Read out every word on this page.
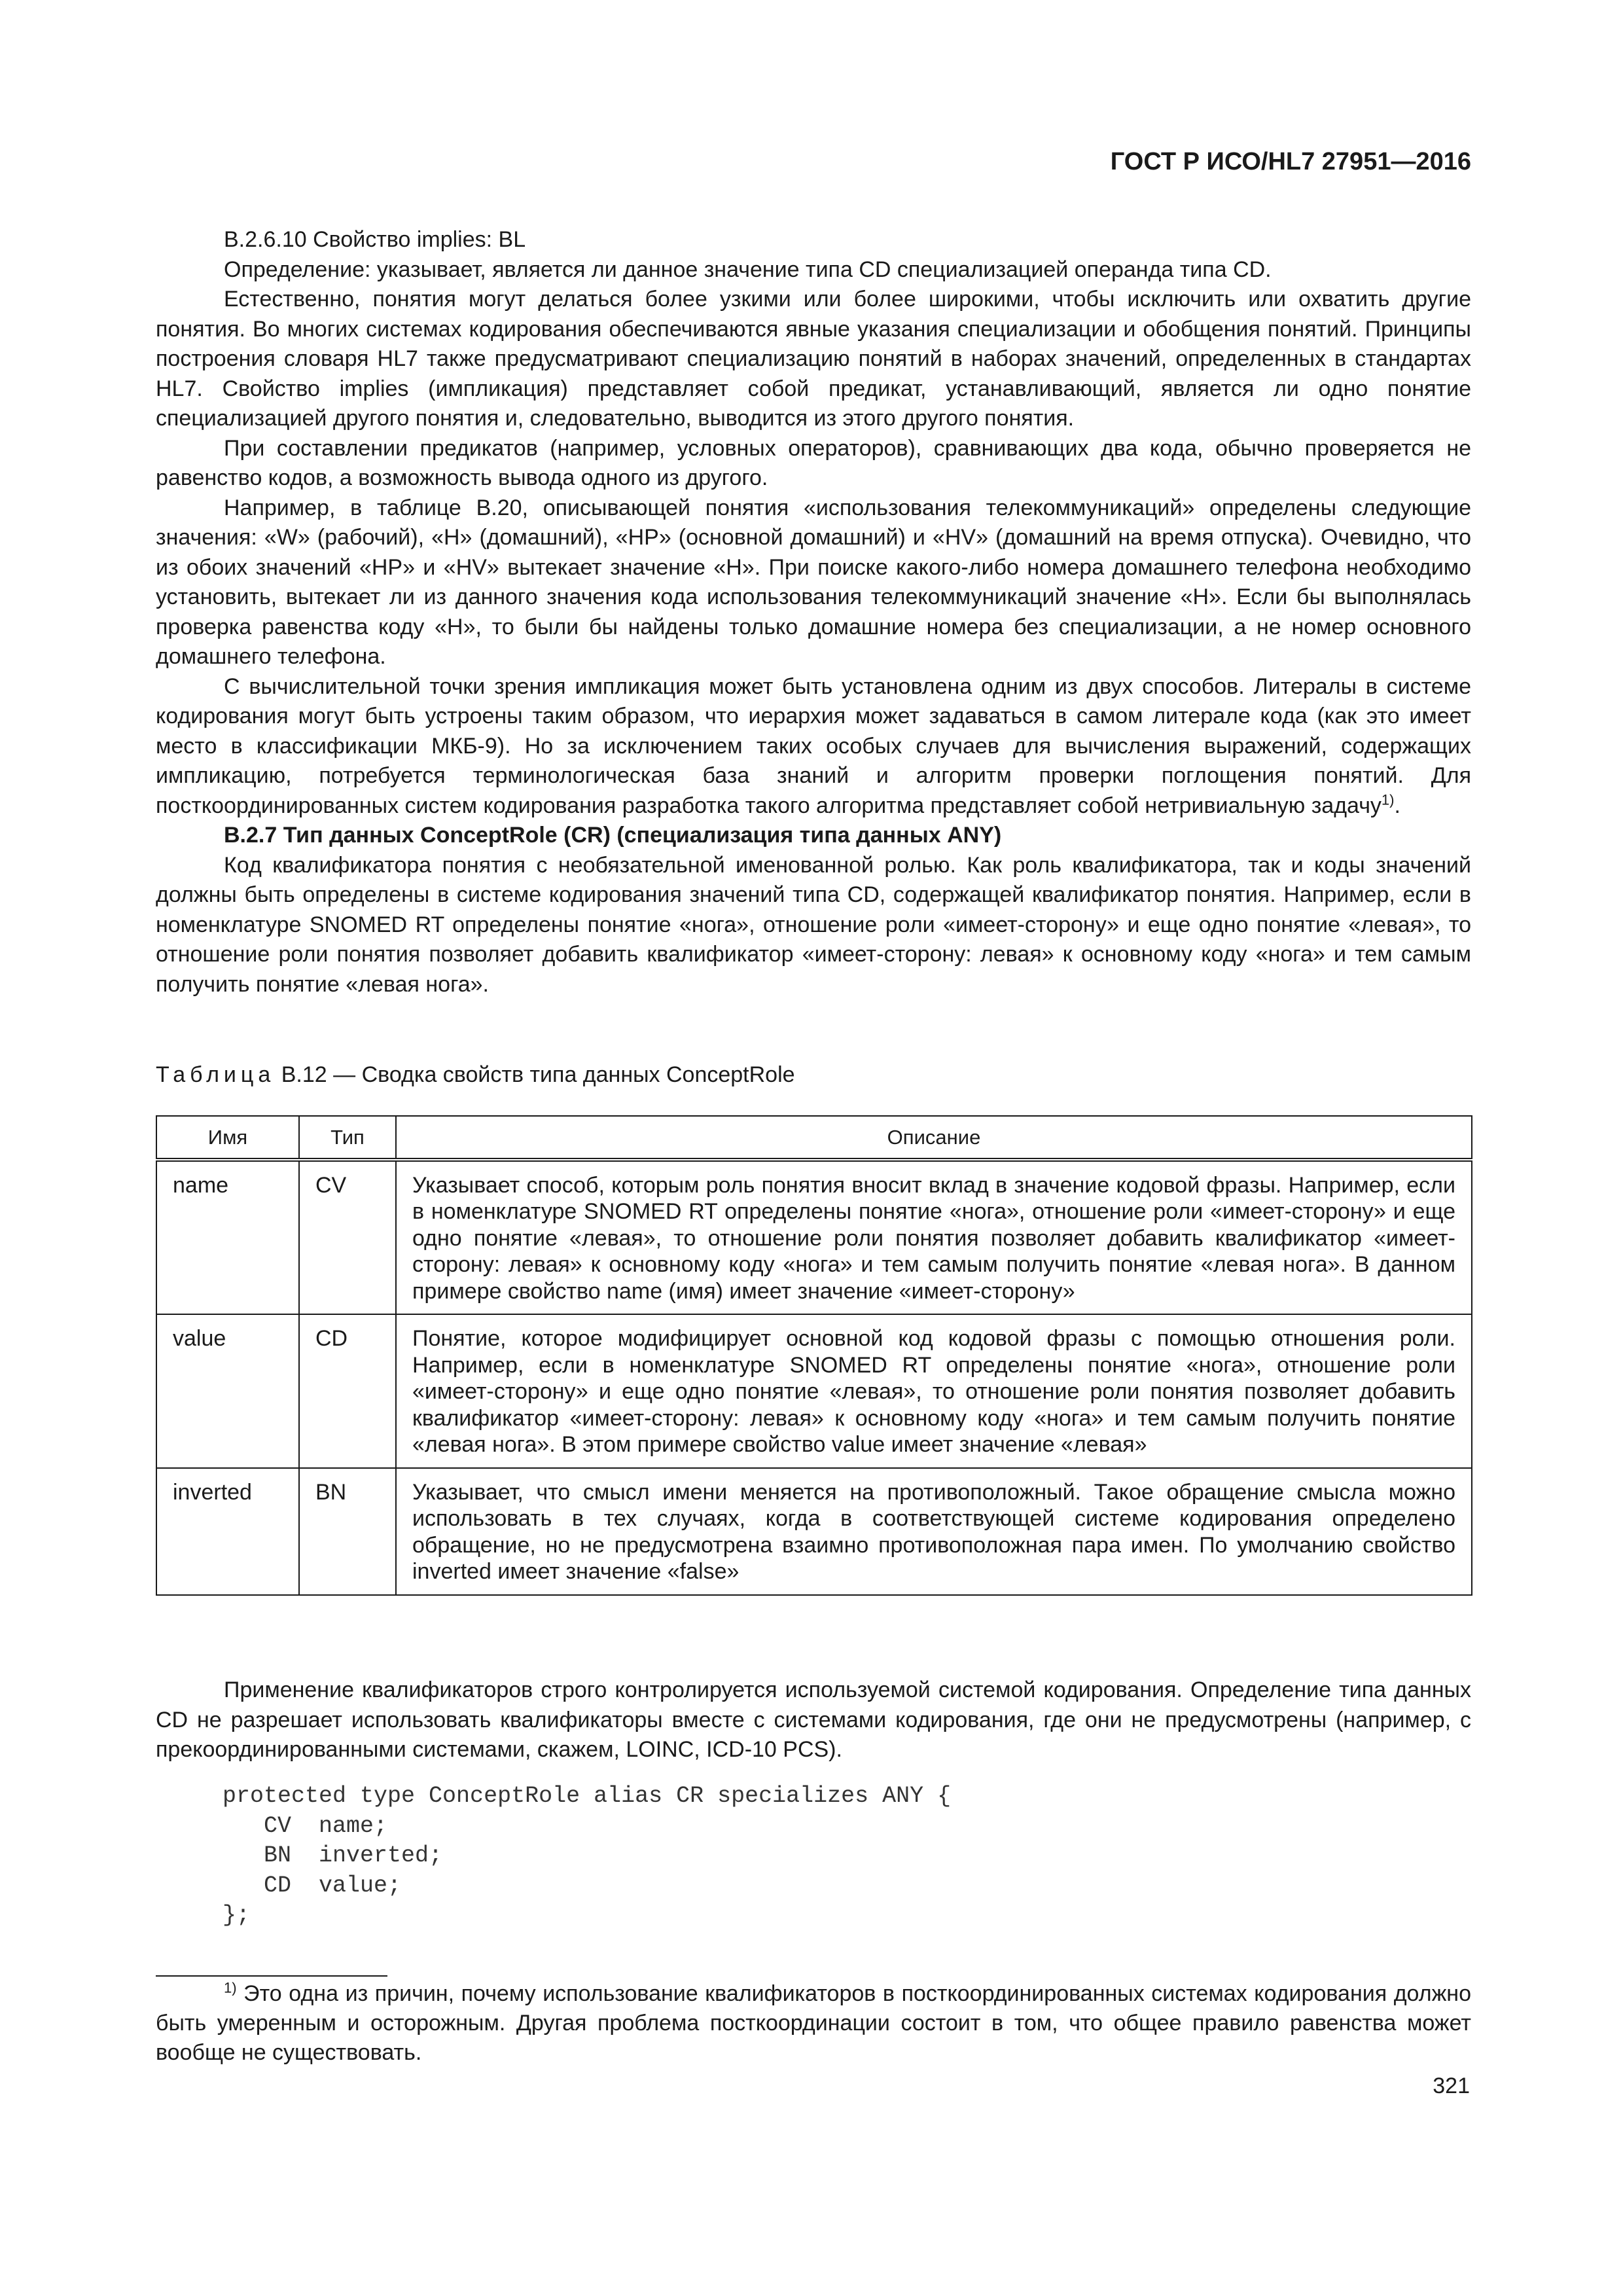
ГОСТ Р ИСО/HL7 27951—2016

В.2.6.10 Свойство implies: BL

Определение: указывает, является ли данное значение типа CD специализацией операнда типа CD.

Естественно, понятия могут делаться более узкими или более широкими, чтобы исключить или охватить другие понятия. Во многих системах кодирования обеспечиваются явные указания специализации и обобщения понятий. Принципы построения словаря HL7 также предусматривают специализацию понятий в наборах значений, определенных в стандартах HL7. Свойство implies (импликация) представляет собой предикат, устанавливающий, является ли одно понятие специализацией другого понятия и, следовательно, выводится из этого другого понятия.

При составлении предикатов (например, условных операторов), сравнивающих два кода, обычно проверяется не равенство кодов, а возможность вывода одного из другого.

Например, в таблице В.20, описывающей понятия «использования телекоммуникаций» определены следующие значения: «W» (рабочий), «H» (домашний), «HP» (основной домашний) и «HV» (домашний на время отпуска). Очевидно, что из обоих значений «HP» и «HV» вытекает значение «H». При поиске какого-либо номера домашнего телефона необходимо установить, вытекает ли из данного значения кода использования телекоммуникаций значение «H». Если бы выполнялась проверка равенства коду «H», то были бы найдены только домашние номера без специализации, а не номер основного домашнего телефона.

С вычислительной точки зрения импликация может быть установлена одним из двух способов. Литералы в системе кодирования могут быть устроены таким образом, что иерархия может задаваться в самом литерале кода (как это имеет место в классификации МКБ-9). Но за исключением таких особых случаев для вычисления выражений, содержащих импликацию, потребуется терминологическая база знаний и алгоритм проверки поглощения понятий. Для посткоординированных систем кодирования разработка такого алгоритма представляет собой нетривиальную задачу$^{1)}$.

В.2.7 Тип данных ConceptRole (CR) (специализация типа данных ANY)

Код квалификатора понятия с необязательной именованной ролью. Как роль квалификатора, так и коды значений должны быть определены в системе кодирования значений типа CD, содержащей квалификатор понятия. Например, если в номенклатуре SNOMED RT определены понятие «нога», отношение роли «имеет-сторону» и еще одно понятие «левая», то отношение роли понятия позволяет добавить квалификатор «имеет-сторону: левая» к основному коду «нога» и тем самым получить понятие «левая нога».

Таблица В.12 — Сводка свойств типа данных ConceptRole
Имя	Тип	Описание
name	CV	Указывает способ, которым роль понятия вносит вклад в значение кодовой фразы. Например, если в номенклатуре SNOMED RT определены понятие «нога», отношение роли «имеет-сторону» и еще одно понятие «левая», то отношение роли понятия позволяет добавить квалификатор «имеет-сторону: левая» к основному коду «нога» и тем самым получить понятие «левая нога». В данном примере свойство name (имя) имеет значение «имеет-сторону»
value	CD	Понятие, которое модифицирует основной код кодовой фразы с помощью отношения роли. Например, если в номенклатуре SNOMED RT определены понятие «нога», отношение роли «имеет-сторону» и еще одно понятие «левая», то отношение роли понятия позволяет добавить квалификатор «имеет-сторону: левая» к основному коду «нога» и тем самым получить понятие «левая нога». В этом примере свойство value имеет значение «левая»
inverted	BN	Указывает, что смысл имени меняется на противоположный. Такое обращение смысла можно использовать в тех случаях, когда в соответствующей системе кодирования определено обращение, но не предусмотрена взаимно противоположная пара имен. По умолчанию свойство inverted имеет значение «false»

Применение квалификаторов строго контролируется используемой системой кодирования. Определение типа данных CD не разрешает использовать квалификаторы вместе с системами кодирования, где они не предусмотрены (например, с прекоординированными системами, скажем, LOINC, ICD-10 PCS).

protected type ConceptRole alias CR specializes ANY {
CV  name;
BN  inverted;
CD  value;
};

$^{1)}$ Это одна из причин, почему использование квалификаторов в посткоординированных системах кодирования должно быть умеренным и осторожным. Другая проблема посткоординации состоит в том, что общее правило равенства может вообще не существовать.

321
